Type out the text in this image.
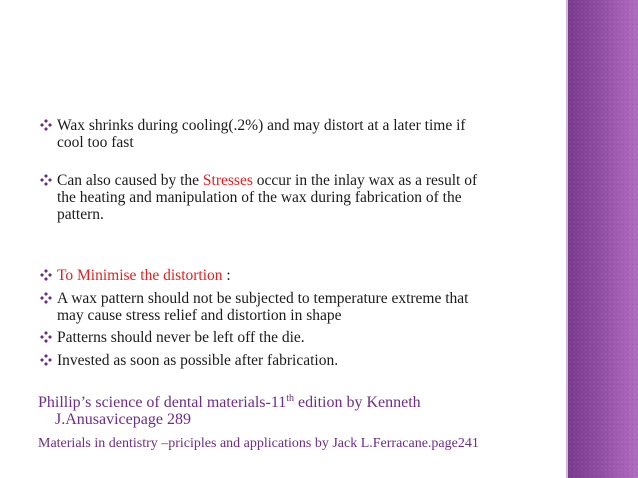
Wax shrinks during cooling(.2%) and may distort at a later time if
cool too fast
Can also caused by the Stresses occur in the inlay wax as a result of
the heating and manipulation of the wax during fabrication of the
pattern.
To Minimise the distortion :
A wax pattern should not be subjected to temperature extreme that
may cause stress relief and distortion in shape
Patterns should never be left off the die.
Invested as soon as possible after fabrication.
Phillip’s science of dental materials-11th edition by Kenneth
J.Anusavicepage 289
Materials in dentistry –priciples and applications by Jack L.Ferracane.page241
